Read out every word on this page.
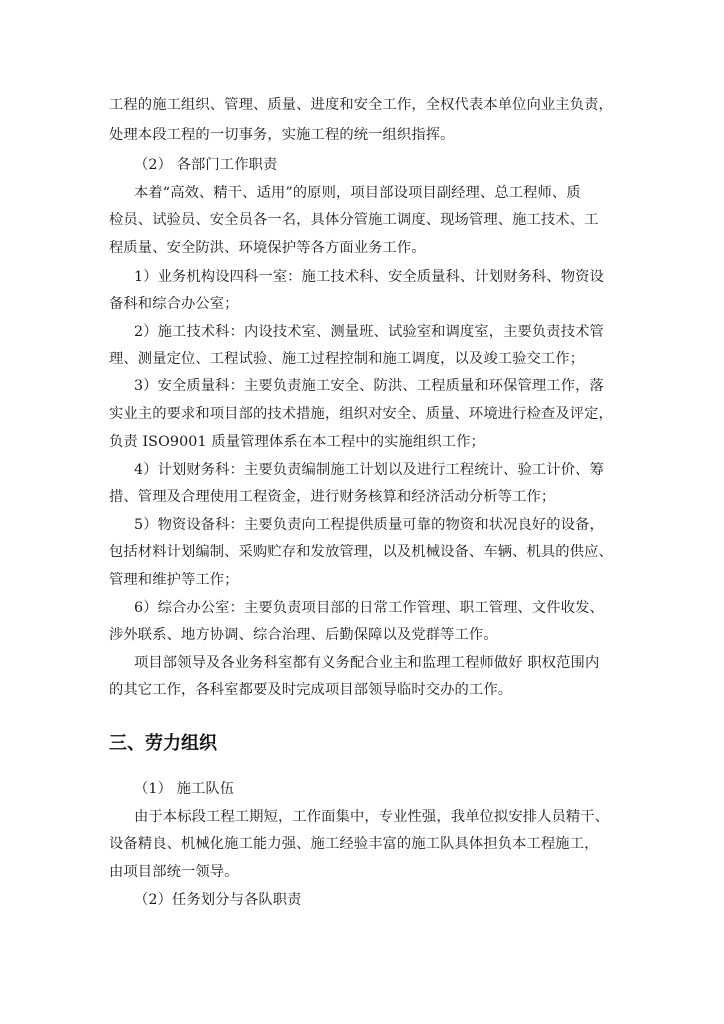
工程的施工组织、管理、质量、进度和安全工作，全权代表本单位向业主负责，
处理本段工程的一切事务，实施工程的统一组织指挥。
（2） 各部门工作职责
本着“高效、精干、适用”的原则，项目部设项目副经理、总工程师、质
检员、试验员、安全员各一名，具体分管施工调度、现场管理、施工技术、工
程质量、安全防洪、环境保护等各方面业务工作。
1）业务机构设四科一室：施工技术科、安全质量科、计划财务科、物资设
备科和综合办公室；
2）施工技术科：内设技术室、测量班、试验室和调度室，主要负责技术管
理、测量定位、工程试验、施工过程控制和施工调度，以及竣工验交工作；
3）安全质量科：主要负责施工安全、防洪、工程质量和环保管理工作，落
实业主的要求和项目部的技术措施，组织对安全、质量、环境进行检查及评定，
负责 ISO9001 质量管理体系在本工程中的实施组织工作；
4）计划财务科：主要负责编制施工计划以及进行工程统计、验工计价、筹
措、管理及合理使用工程资金，进行财务核算和经济活动分析等工作；
5）物资设备科：主要负责向工程提供质量可靠的物资和状况良好的设备，
包括材料计划编制、采购贮存和发放管理，以及机械设备、车辆、机具的供应、
管理和维护等工作；
6）综合办公室：主要负责项目部的日常工作管理、职工管理、文件收发、
涉外联系、地方协调、综合治理、后勤保障以及党群等工作。
项目部领导及各业务科室都有义务配合业主和监理工程师做好 职权范围内
的其它工作，各科室都要及时完成项目部领导临时交办的工作。
三、劳力组织
（1） 施工队伍
由于本标段工程工期短，工作面集中，专业性强，我单位拟安排人员精干、
设备精良、机械化施工能力强、施工经验丰富的施工队具体担负本工程施工，
由项目部统一领导。
（2）任务划分与各队职责
